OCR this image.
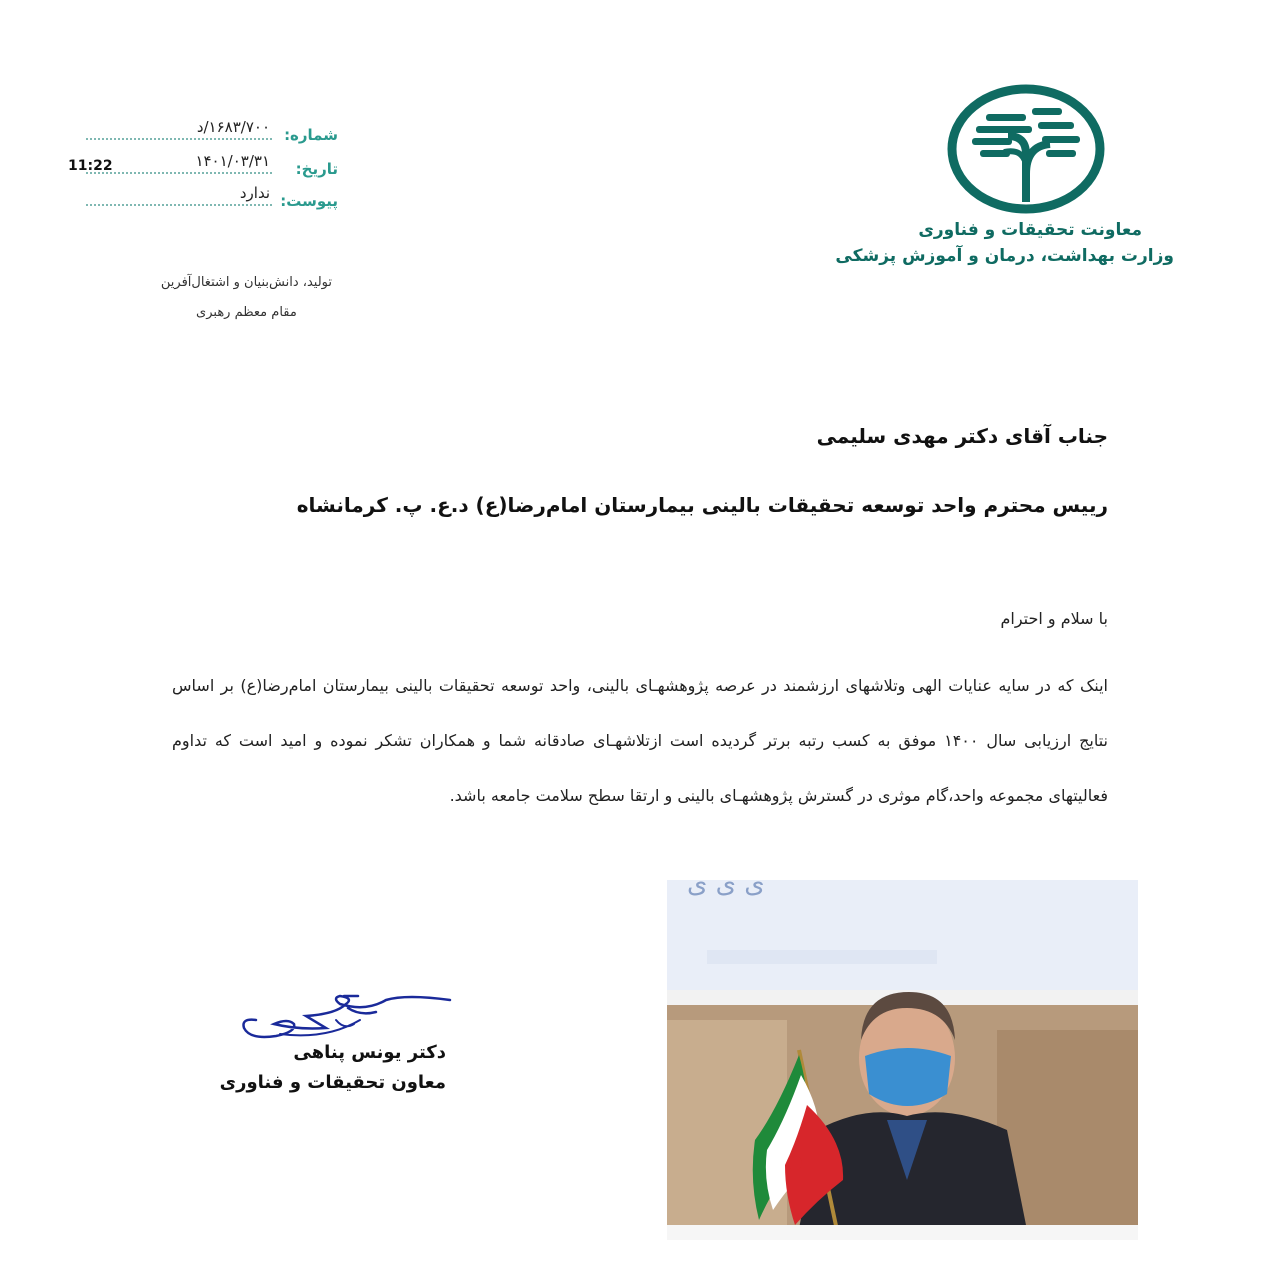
معاونت تحقیقات و فناوری
وزارت بهداشت، درمان و آموزش پزشکی
شماره:
۱۶۸۳/۷۰۰/د
تاریخ:
۱۴۰۱/۰۳/۳۱
11:22
پیوست:
ندارد
تولید، دانش‌بنیان و اشتغال‌آفرین
مقام معظم رهبری
جناب آقای دکتر مهدی سلیمی
رییس محترم واحد توسعه تحقیقات بالینی بیمارستان امام‌رضا(ع) د.ع. پ. کرمانشاه
با سلام و احترام
اینک که در سایه عنایات الهی وتلاشهای ارزشمند در عرصه پژوهشهـای بالینی، واحد توسعه تحقیقات بالینی بیمارستان امام‌رضا(ع) بر اساس نتایج ارزیابی سال ۱۴۰۰ موفق به کسب رتبه برتر گردیده است ازتلاشهـای صادقانه شما و همکاران تشکر نموده و امید است که تداوم فعالیتهای مجموعه واحد،گام موثری در گسترش پژوهشهـای بالینی و ارتقا سطح سلامت جامعه باشد.
دکتر یونس پناهی
معاون تحقیقات و فناوری
ی ی ی
